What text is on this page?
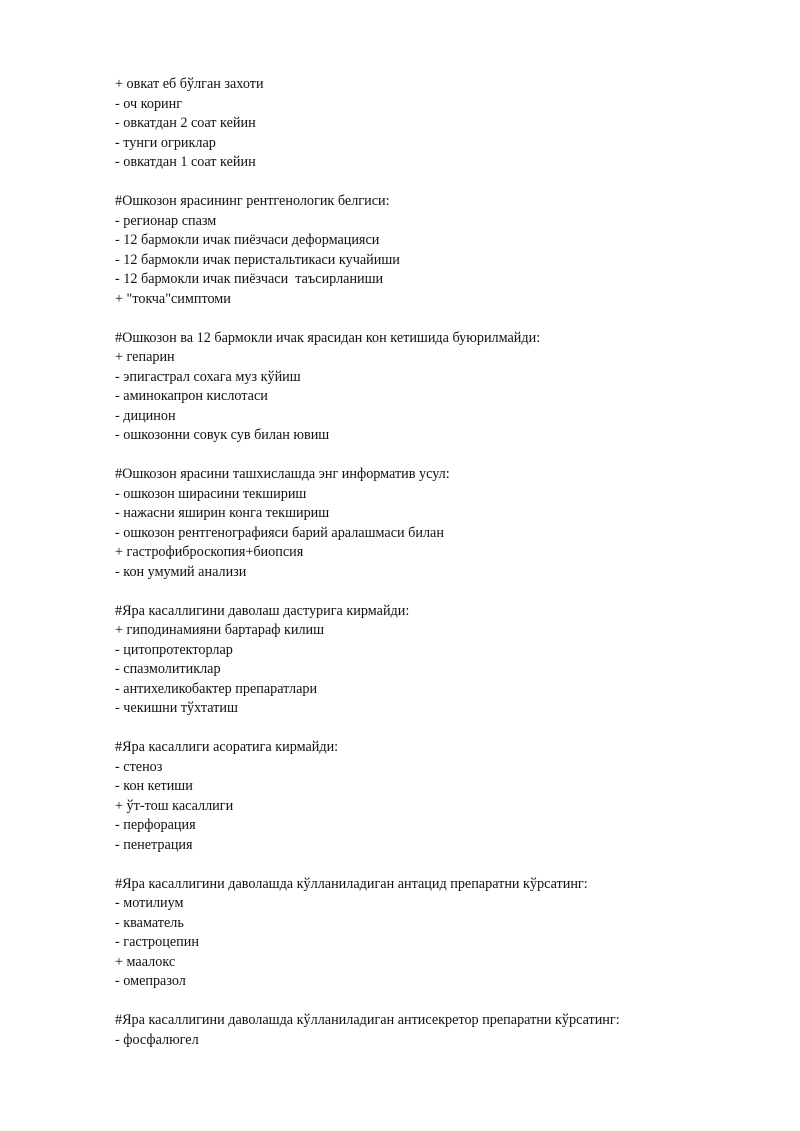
+ овкат еб бўлган захоти
- оч коринг
- овкатдан 2 соат кейин
- тунги огриклар
- овкатдан 1 соат кейин
#Ошкозон ярасининг рентгенологик белгиси:
- регионар спазм
- 12 бармокли ичак пиёзчаси деформацияси
- 12 бармокли ичак перистальтикаси кучайиши
- 12 бармокли ичак пиёзчаси  таъсирланиши
+ "токча"симптоми
#Ошкозон ва 12 бармокли ичак ярасидан кон кетишида буюрилмайди:
+ гепарин
- эпигастрал сохага муз кўйиш
- аминокапрон кислотаси
- дицинон
- ошкозонни совук сув билан ювиш
#Ошкозон ярасини ташхислашда энг информатив усул:
- ошкозон ширасини текшириш
- нажасни яширин конга текшириш
- ошкозон рентгенографияси барий аралашмаси билан
+ гастрофиброскопия+биопсия
- кон умумий анализи
#Яра касаллигини даволаш дастурига кирмайди:
+ гиподинамияни бартараф килиш
- цитопротекторлар
- спазмолитиклар
- антихеликобактер препаратлари
- чекишни тўхтатиш
#Яра касаллиги асоратига кирмайди:
- стеноз
- кон кетиши
+ ўт-тош касаллиги
- перфорация
- пенетрация
#Яра касаллигини даволашда кўлланиладиган антацид препаратни кўрсатинг:
- мотилиум
- кваматель
- гастроцепин
+ маалокс
- омепразол
#Яра касаллигини даволашда кўлланиладиган антисекретор препаратни кўрсатинг:
- фосфалюгел
